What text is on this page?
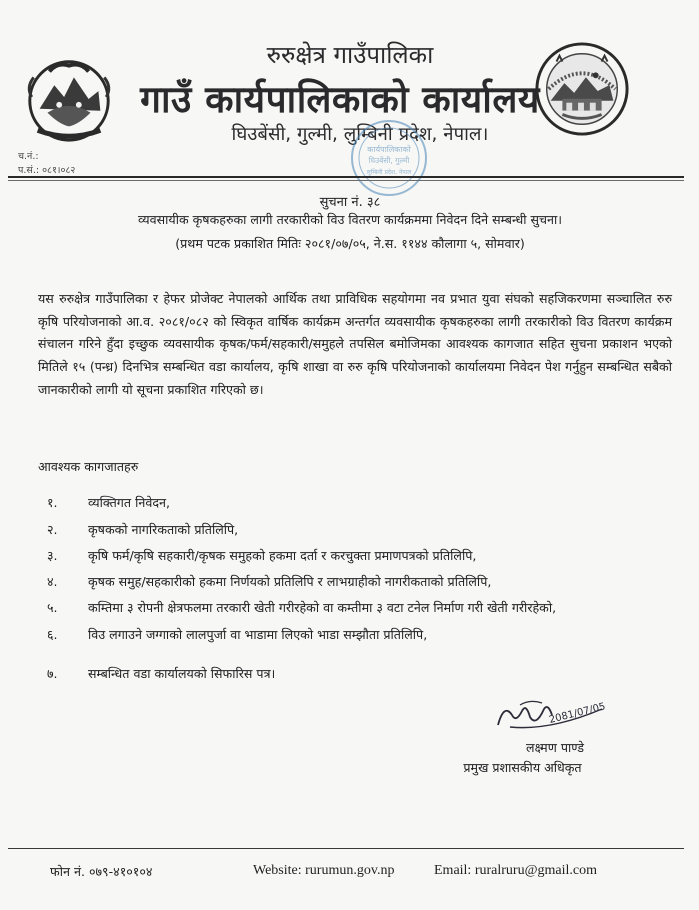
रुरुक्षेत्र गाउँपालिका
गाउँ कार्यपालिकाको कार्यालय
घिउबेंसी, गुल्मी, लुम्बिनी प्रदेश, नेपाल।
कार्यपालिकाको
घिउबेंसी, गुल्मी
लुम्बिनी प्रदेश, नेपाल
च.नं.:
प.सं.: ०८१।०८२
सुचना नं. ३८
व्यवसायीक कृषकहरुका लागी तरकारीको विउ वितरण कार्यक्रममा निवेदन दिने सम्बन्धी सुचना।
(प्रथम पटक प्रकाशित मितिः २०८१/०७/०५, ने.स. ११४४ कौलागा ५, सोमवार)
यस रुरुक्षेत्र गाउँपालिका र हेफर प्रोजेक्ट नेपालको आर्थिक तथा प्राविधिक सहयोगमा नव प्रभात युवा संघको सहजिकरणमा सञ्चालित रुरु कृषि परियोजनाको आ.व. २०८१/०८२ को स्विकृत वार्षिक कार्यक्रम अन्तर्गत व्यवसायीक कृषकहरुका लागी तरकारीको विउ वितरण कार्यक्रम संचालन गरिने हुँदा इच्छुक व्यवसायीक कृषक/फर्म/सहकारी/समुहले तपसिल बमोजिमका आवश्यक कागजात सहित सुचना प्रकाशन भएको मितिले १५ (पन्ध्र) दिनभित्र सम्बन्धित वडा कार्यालय, कृषि शाखा वा रुरु कृषि परियोजनाको कार्यालयमा निवेदन पेश गर्नुहुन सम्बन्धित सबैको जानकारीको लागी यो सूचना प्रकाशित गरिएको छ।
आवश्यक कागजातहरु
१. व्यक्तिगत निवेदन,
२. कृषकको नागरिकताको प्रतिलिपि,
३. कृषि फर्म/कृषि सहकारी/कृषक समुहको हकमा दर्ता र करचुक्ता प्रमाणपत्रको प्रतिलिपि,
४. कृषक समुह/सहकारीको हकमा निर्णयको प्रतिलिपि र लाभग्राहीको नागरीकताको प्रतिलिपि,
५. कम्तिमा ३ रोपनी क्षेत्रफलमा तरकारी खेती गरीरहेको वा कम्तीमा ३ वटा टनेल निर्माण गरी खेती गरीरहेको,
६. विउ लगाउने जग्गाको लालपुर्जा वा भाडामा लिएको भाडा सम्झौता प्रतिलिपि,
७. सम्बन्धित वडा कार्यालयको सिफारिस पत्र।
2081/07/05
लक्ष्मण पाण्डे
प्रमुख प्रशासकीय अधिकृत
फोन नं. ०७९-४१०१०४	Website: rurumun.gov.np	Email: ruralruru@gmail.com
